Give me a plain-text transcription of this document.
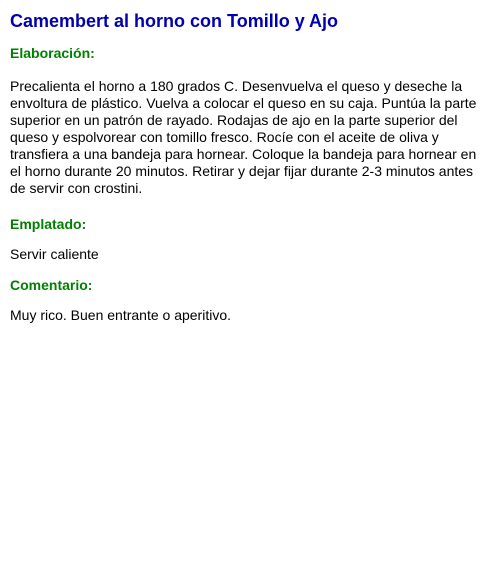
Camembert al horno con Tomillo y Ajo
Elaboración:

Precalienta el horno a 180 grados C. Desenvuelva el queso y deseche la envoltura de plástico. Vuelva a colocar el queso en su caja. Puntúa la parte superior en un patrón de rayado. Rodajas de ajo en la parte superior del queso y espolvorear con tomillo fresco. Rocíe con el aceite de oliva y transfiera a una bandeja para hornear. Coloque la bandeja para hornear en el horno durante 20 minutos. Retirar y dejar fijar durante 2-3 minutos antes de servir con crostini.

Emplatado:

Servir caliente

Comentario:

Muy rico. Buen entrante o aperitivo.
